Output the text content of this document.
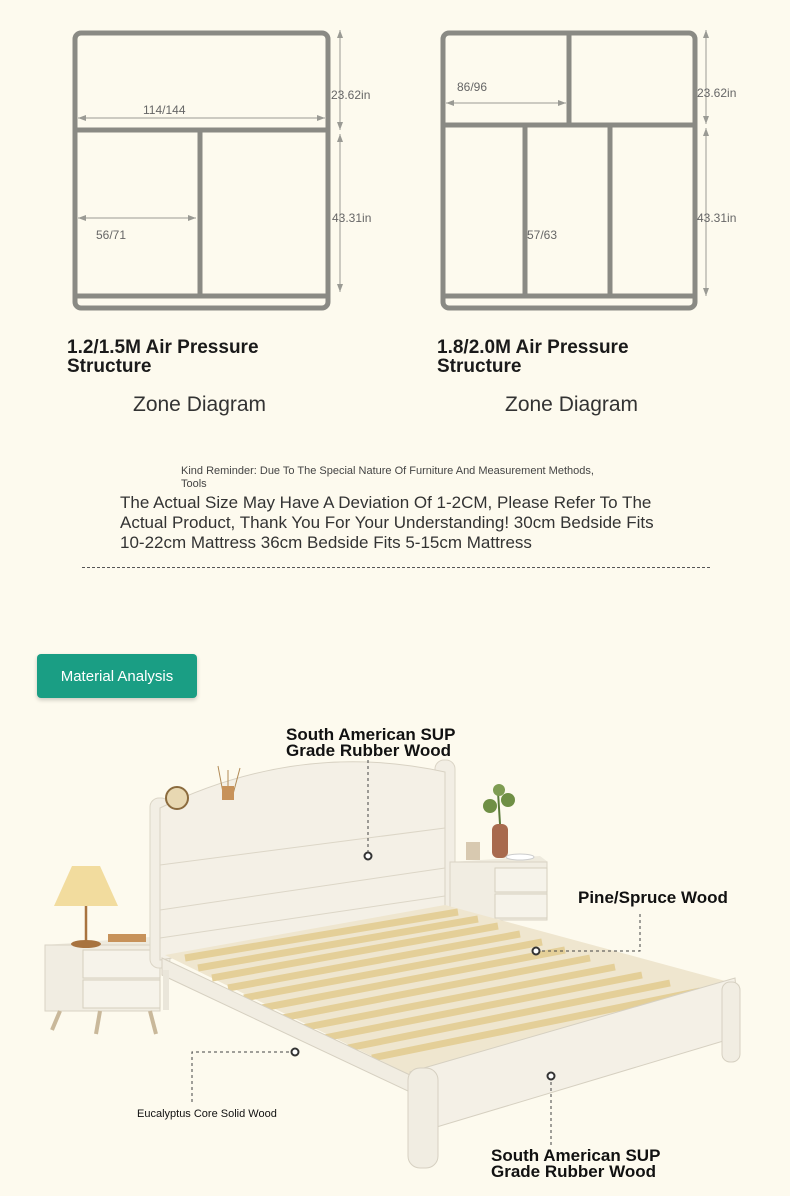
114/144
23.62in
43.31in
56/71
1.2/1.5M Air Pressure
Structure
Zone Diagram
86/96	23.62in
43.31in
57/63
1.8/2.0M Air Pressure
Structure
Zone Diagram
Kind Reminder: Due To The Special Nature Of Furniture And Measurement Methods, Tools
The Actual Size May Have A Deviation Of 1-2CM, Please Refer To The Actual Product, Thank You For Your Understanding! 30cm Bedside Fits 10-22cm Mattress 36cm Bedside Fits 5-15cm Mattress
Material Analysis
South American SUP
Grade Rubber Wood
Pine/Spruce Wood
Eucalyptus Core Solid Wood
South American SUP
Grade Rubber Wood
